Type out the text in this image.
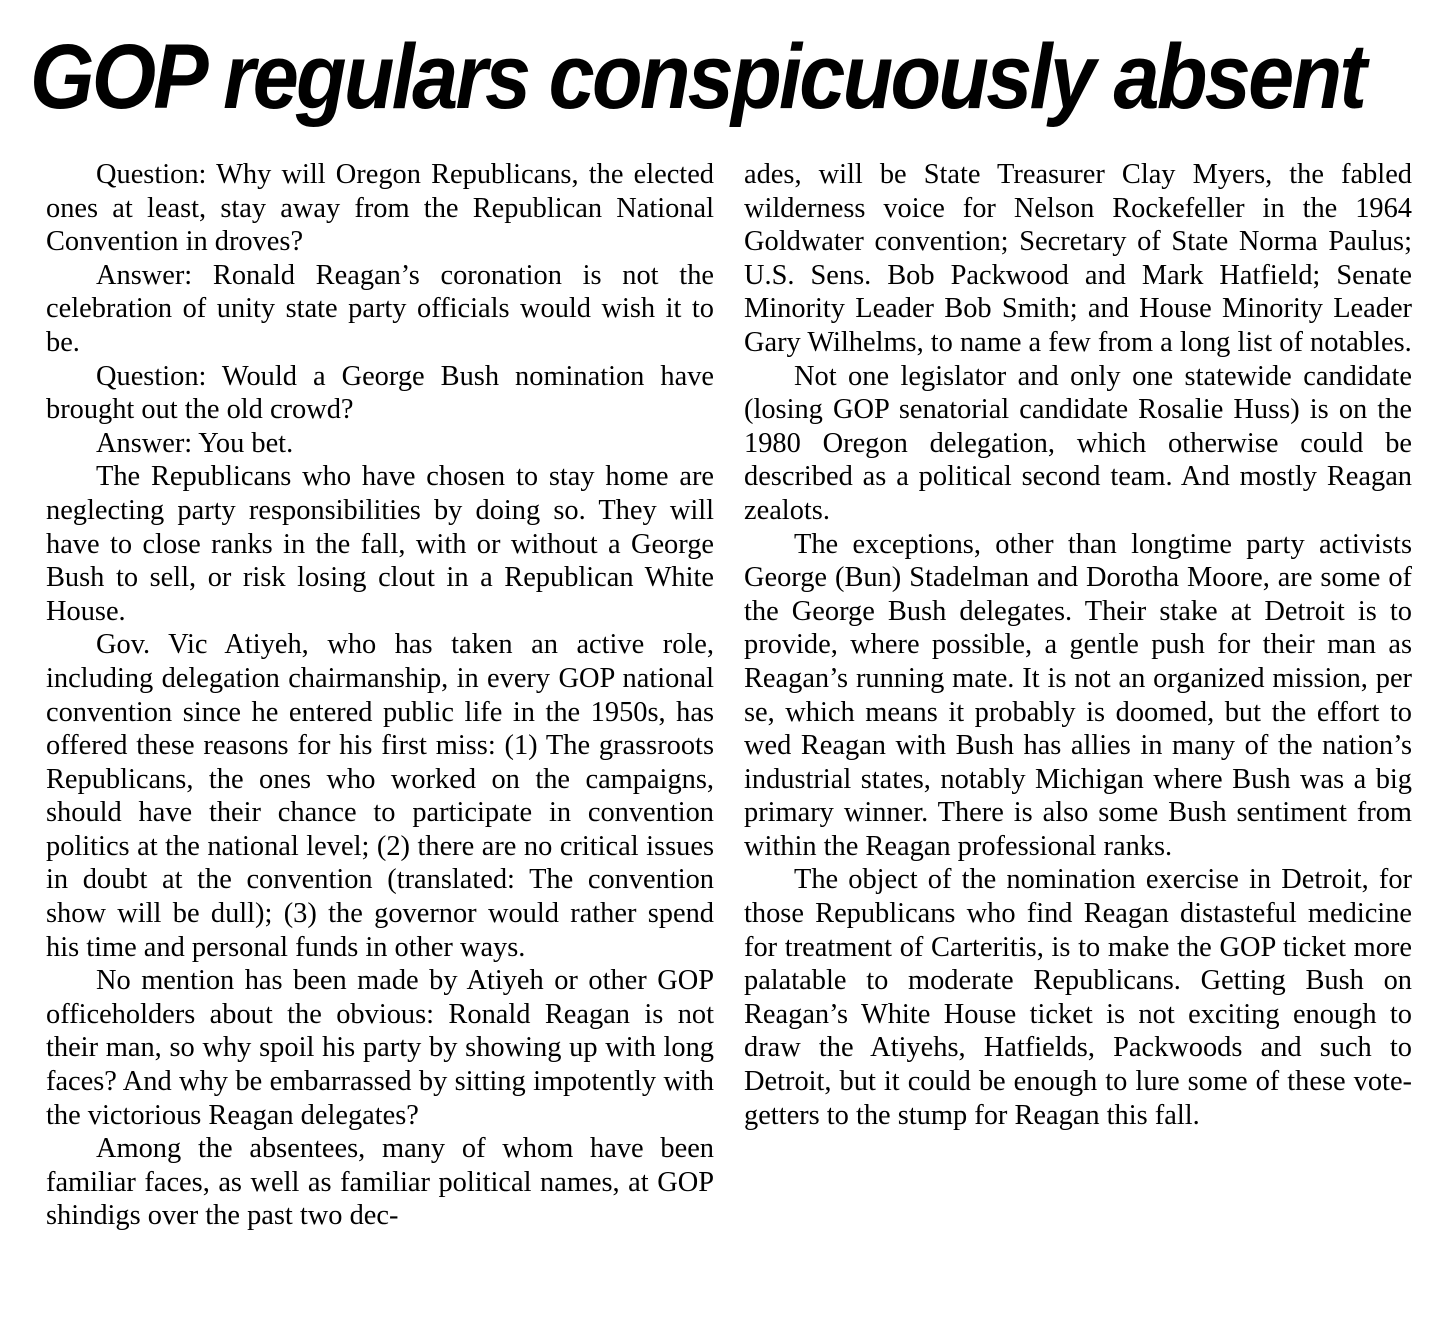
GOP regulars conspicuously absent

Question: Why will Oregon Republicans, the elected ones at least, stay away from the Republican National Convention in droves?

Answer: Ronald Reagan’s coronation is not the celebration of unity state party officials would wish it to be.

Question: Would a George Bush nomination have brought out the old crowd?

Answer: You bet.

The Republicans who have chosen to stay home are neglecting party responsibilities by doing so. They will have to close ranks in the fall, with or without a George Bush to sell, or risk losing clout in a Republican White House.

Gov. Vic Atiyeh, who has taken an active role, including delegation chairmanship, in every GOP national convention since he entered public life in the 1950s, has offered these reasons for his first miss: (1) The grassroots Republicans, the ones who worked on the campaigns, should have their chance to participate in convention politics at the national level; (2) there are no critical issues in doubt at the convention (translated: The convention show will be dull); (3) the governor would rather spend his time and personal funds in other ways.

No mention has been made by Atiyeh or other GOP officeholders about the obvious: Ronald Reagan is not their man, so why spoil his party by showing up with long faces? And why be embarrassed by sitting impotently with the victorious Reagan delegates?

Among the absentees, many of whom have been familiar faces, as well as familiar political names, at GOP shindigs over the past two dec-

ades, will be State Treasurer Clay Myers, the fabled wilderness voice for Nelson Rockefeller in the 1964 Goldwater convention; Secretary of State Norma Paulus; U.S. Sens. Bob Packwood and Mark Hatfield; Senate Minority Leader Bob Smith; and House Minority Leader Gary Wilhelms, to name a few from a long list of notables.

Not one legislator and only one statewide candidate (losing GOP senatorial candidate Rosalie Huss) is on the 1980 Oregon delegation, which otherwise could be described as a political second team. And mostly Reagan zealots.

The exceptions, other than longtime party activists George (Bun) Stadelman and Dorotha Moore, are some of the George Bush delegates. Their stake at Detroit is to provide, where possible, a gentle push for their man as Reagan’s running mate. It is not an organized mission, per se, which means it probably is doomed, but the effort to wed Reagan with Bush has allies in many of the nation’s industrial states, notably Michigan where Bush was a big primary winner. There is also some Bush sentiment from within the Reagan professional ranks.

The object of the nomination exercise in Detroit, for those Republicans who find Reagan distasteful medicine for treatment of Carteritis, is to make the GOP ticket more palatable to moderate Republicans. Getting Bush on Reagan’s White House ticket is not exciting enough to draw the Atiyehs, Hatfields, Packwoods and such to Detroit, but it could be enough to lure some of these vote-getters to the stump for Reagan this fall.
